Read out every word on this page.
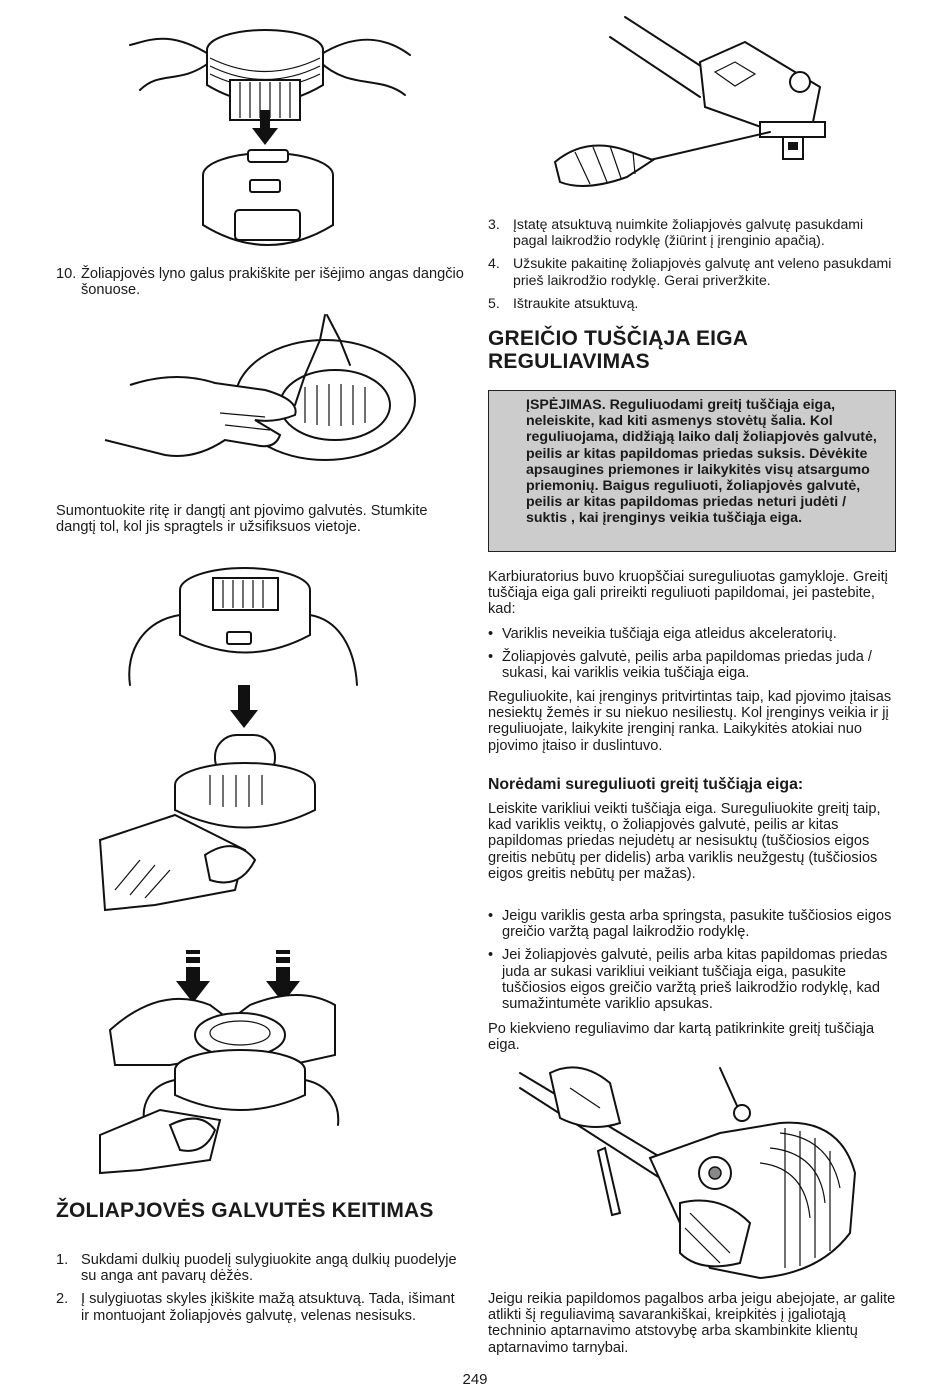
10. Žoliapjovės lyno galus prakiškite per išėjimo angas dangčio šonuose.
Sumontuokite ritę ir dangtį ant pjovimo galvutės. Stumkite dangtį tol, kol jis spragtels ir užsifiksuos vietoje.
ŽOLIAPJOVĖS GALVUTĖS KEITIMAS
1. Sukdami dulkių puodelį sulygiuokite angą dulkių puodelyje su anga ant pavarų dėžės.
2. Į sulygiuotas skyles įkiškite mažą atsuktuvą. Tada, išimant ir montuojant žoliapjovės galvutę, velenas nesisuks.
3. Įstatę atsuktuvą nuimkite žoliapjovės galvutę pasukdami pagal laikrodžio rodyklę (žiūrint į įrenginio apačią).
4. Užsukite pakaitinę žoliapjovės galvutę ant veleno pasukdami prieš laikrodžio rodyklę. Gerai priveržkite.
5. Ištraukite atsuktuvą.
GREIČIO TUŠČIĄJA EIGA REGULIAVIMAS
ĮSPĖJIMAS. Reguliuodami greitį tuščiąja eiga, neleiskite, kad kiti asmenys stovėtų šalia. Kol reguliuojama, didžiąją laiko dalį žoliapjovės galvutė, peilis ar kitas papildomas priedas suksis. Dėvėkite apsaugines priemones ir laikykitės visų atsargumo priemonių. Baigus reguliuoti, žoliapjovės galvutė, peilis ar kitas papildomas priedas neturi judėti / suktis , kai įrenginys veikia tuščiąja eiga.
Karbiuratorius buvo kruopščiai sureguliuotas gamykloje. Greitį tuščiąja eiga gali prireikti reguliuoti papildomai, jei pastebite, kad:
• Variklis neveikia tuščiąja eiga atleidus akceleratorių.
• Žoliapjovės galvutė, peilis arba papildomas priedas juda / sukasi, kai variklis veikia tuščiąja eiga.
Reguliuokite, kai įrenginys pritvirtintas taip, kad pjovimo įtaisas nesiektų žemės ir su niekuo nesiliestų. Kol įrenginys veikia ir jį reguliuojate, laikykite įrenginį ranka. Laikykitės atokiai nuo pjovimo įtaiso ir duslintuvo.
Norėdami sureguliuoti greitį tuščiąja eiga:
Leiskite varikliui veikti tuščiąja eiga. Sureguliuokite greitį taip, kad variklis veiktų, o žoliapjovės galvutė, peilis ar kitas papildomas priedas nejudėtų ar nesisuktų (tuščiosios eigos greitis nebūtų per didelis) arba variklis neužgestų (tuščiosios eigos greitis nebūtų per mažas).
• Jeigu variklis gesta arba springsta, pasukite tuščiosios eigos greičio varžtą pagal laikrodžio rodyklę.
• Jei žoliapjovės galvutė, peilis arba kitas papildomas priedas juda ar sukasi varikliui veikiant tuščiąja eiga, pasukite tuščiosios eigos greičio varžtą prieš laikrodžio rodyklę, kad sumažintumėte variklio apsukas.
Po kiekvieno reguliavimo dar kartą patikrinkite greitį tuščiąja eiga.
Jeigu reikia papildomos pagalbos arba jeigu abejojate, ar galite atlikti šį reguliavimą savarankiškai, kreipkitės į įgaliotąją techninio aptarnavimo atstovybę arba skambinkite klientų aptarnavimo tarnybai.
249
